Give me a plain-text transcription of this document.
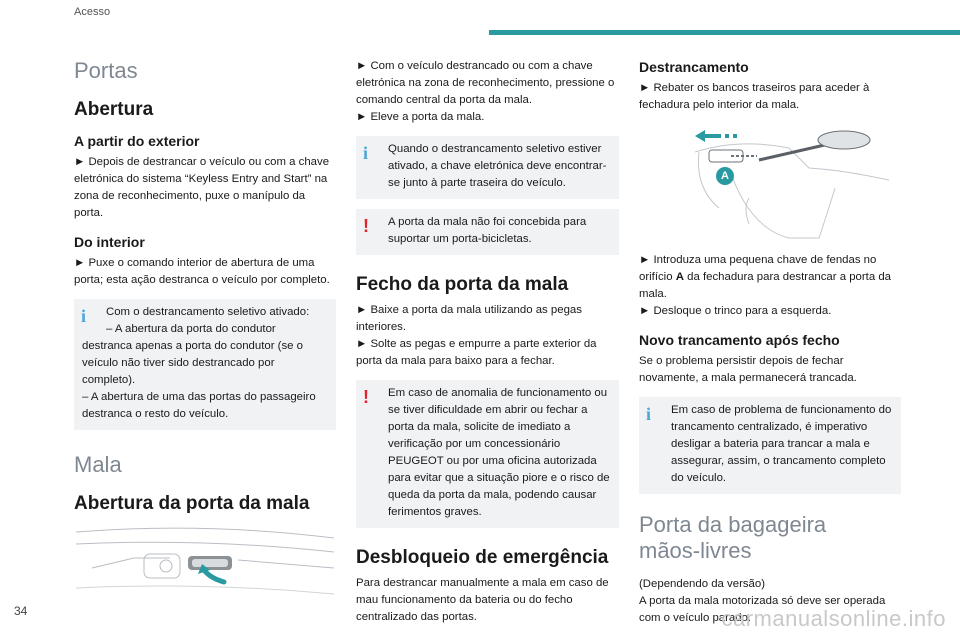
Acesso
Portas
Abertura
A partir do exterior

► Depois de destrancar o veículo ou com a chave eletrónica do sistema “Keyless Entry and Start” na zona de reconhecimento, puxe o manípulo da porta.

Do interior

► Puxe o comando interior de abertura de uma porta; esta ação destranca o veículo por completo.

i	Com o destrancamento seletivo ativado:
– A abertura da porta do condutor destranca apenas a porta do condutor (se o veículo não tiver sido destrancado por completo).
– A abertura de uma das portas do passageiro destranca o resto do veículo.
Mala
Abertura da porta da mala

► Com o veículo destrancado ou com a chave eletrónica na zona de reconhecimento, pressione o comando central da porta da mala.

► Eleve a porta da mala.

i	Quando o destrancamento seletivo estiver ativado, a chave eletrónica deve encontrar-se junto à parte traseira do veículo.
!	A porta da mala não foi concebida para suportar um porta-bicicletas.
Fecho da porta da mala

► Baixe a porta da mala utilizando as pegas interiores.

► Solte as pegas e empurre a parte exterior da porta da mala para baixo para a fechar.

!	Em caso de anomalia de funcionamento ou se tiver dificuldade em abrir ou fechar a porta da mala, solicite de imediato a verificação por um concessionário PEUGEOT ou por uma oficina autorizada para evitar que a situação piore e o risco de queda da porta da mala, podendo causar ferimentos graves.
Desbloqueio de emergência

Para destrancar manualmente a mala em caso de mau funcionamento da bateria ou do fecho centralizado das portas.

Destrancamento

► Rebater os bancos traseiros para aceder à fechadura pelo interior da mala.

A

► Introduza uma pequena chave de fendas no orifício A da fechadura para destrancar a porta da mala.

► Desloque o trinco para a esquerda.

Novo trancamento após fecho

Se o problema persistir depois de fechar novamente, a mala permanecerá trancada.

i	Em caso de problema de funcionamento do trancamento centralizado, é imperativo desligar a bateria para trancar a mala e assegurar, assim, o trancamento completo do veículo.
Porta da bagageira mãos-livres

(Dependendo da versão)

A porta da mala motorizada só deve ser operada com o veículo parado.

34	carmanualsonline.info
